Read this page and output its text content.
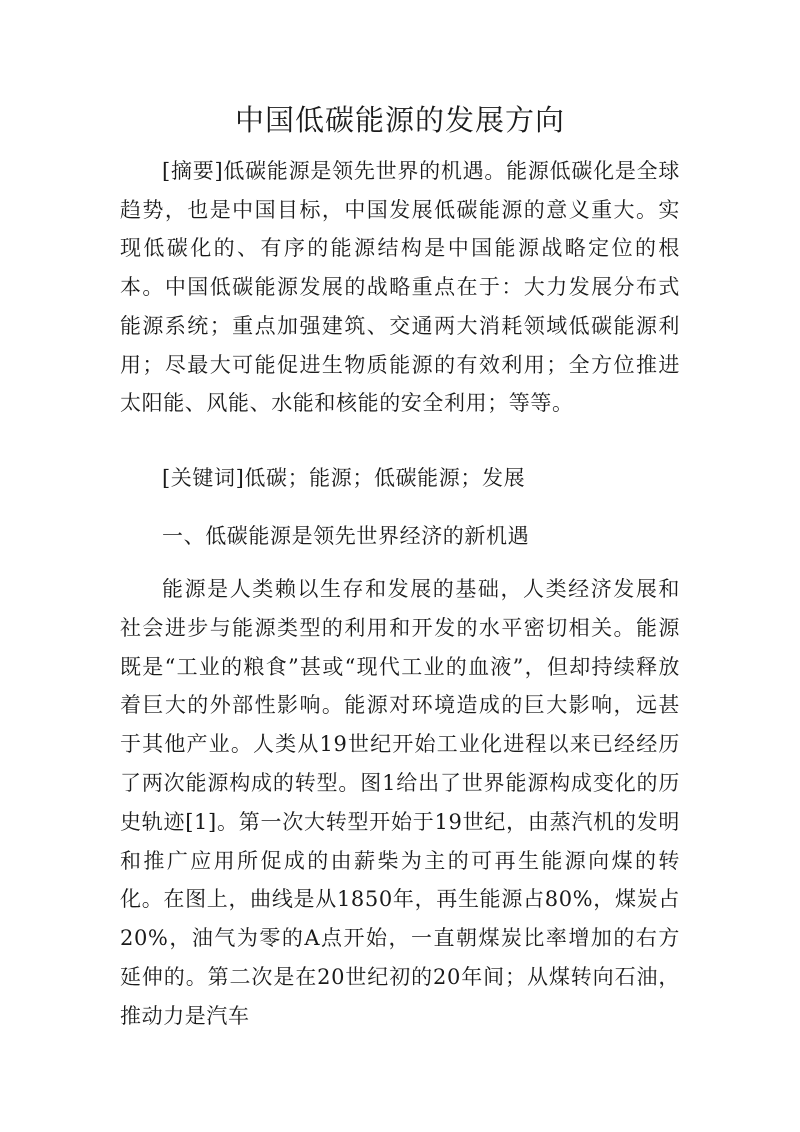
中国低碳能源的发展方向

[摘要]低碳能源是领先世界的机遇。能源低碳化是全球趋势，也是中国目标，中国发展低碳能源的意义重大。实现低碳化的、有序的能源结构是中国能源战略定位的根本。中国低碳能源发展的战略重点在于：大力发展分布式能源系统；重点加强建筑、交通两大消耗领域低碳能源利用；尽最大可能促进生物质能源的有效利用；全方位推进太阳能、风能、水能和核能的安全利用；等等。

[关键词]低碳；能源；低碳能源；发展

一、低碳能源是领先世界经济的新机遇

能源是人类赖以生存和发展的基础，人类经济发展和社会进步与能源类型的利用和开发的水平密切相关。能源既是“工业的粮食”甚或“现代工业的血液”，但却持续释放着巨大的外部性影响。能源对环境造成的巨大影响，远甚于其他产业。人类从19世纪开始工业化进程以来已经经历了两次能源构成的转型。图1给出了世界能源构成变化的历史轨迹[1]。第一次大转型开始于19世纪，由蒸汽机的发明和推广应用所促成的由薪柴为主的可再生能源向煤的转化。在图上，曲线是从1850年，再生能源占80%，煤炭占20%，油气为零的A点开始，一直朝煤炭比率增加的右方延伸的。第二次是在20世纪初的20年间；从煤转向石油，推动力是汽车
